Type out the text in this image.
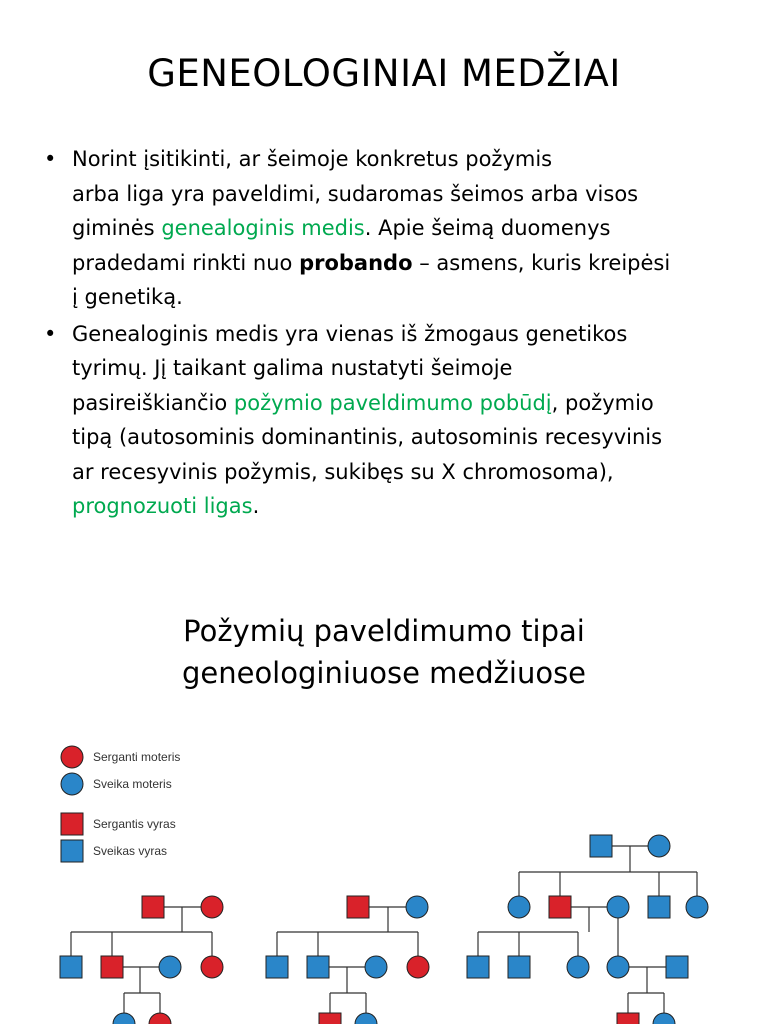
GENEOLOGINIAI MEDŽIAI
• Norint įsitikinti, ar šeimoje konkretus požymis
arba liga yra paveldimi, sudaromas šeimos arba visos
giminės genealoginis medis. Apie šeimą duomenys
pradedami rinkti nuo probando – asmens, kuris kreipėsi
į genetiką.
• Genealoginis medis yra vienas iš žmogaus genetikos
tyrimų. Jį taikant galima nustatyti šeimoje
pasireiškiančio požymio paveldimumo pobūdį, požymio
tipą (autosominis dominantinis, autosominis recesyvinis
ar recesyvinis požymis, sukibęs su X chromosoma),
prognozuoti ligas.
Požymių paveldimumo tipai
geneologiniuose medžiuose
Serganti moteris
Sveika moteris
Sergantis vyras
Sveikas vyras
